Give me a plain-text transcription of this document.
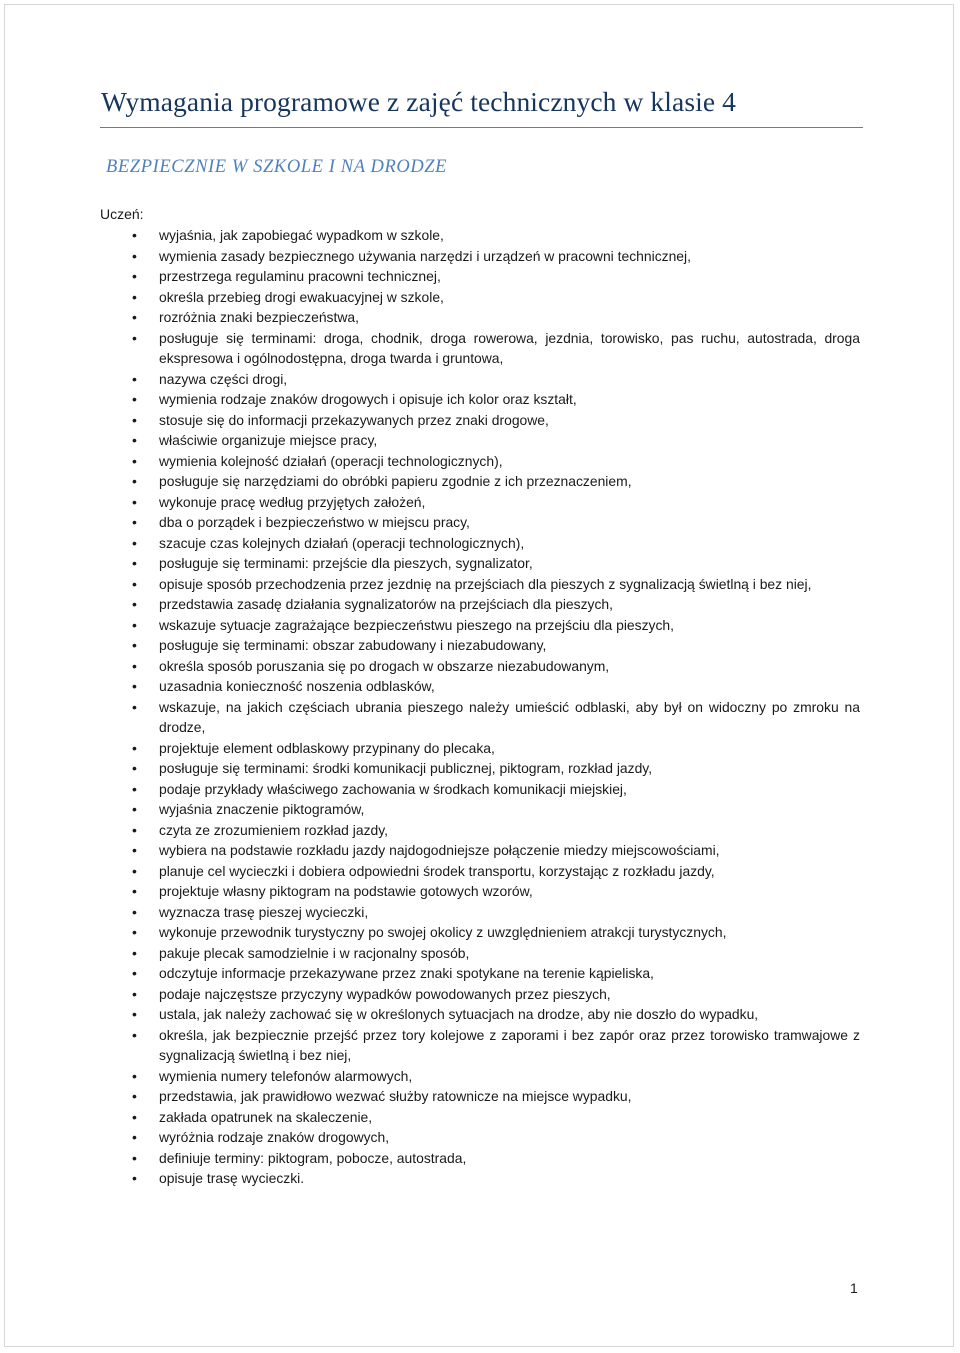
Wymagania programowe z zajęć technicznych w klasie 4
BEZPIECZNIE W SZKOLE I NA DRODZE

Uczeń:

• wyjaśnia, jak zapobiegać wypadkom w szkole,
• wymienia zasady bezpiecznego używania narzędzi i urządzeń w pracowni technicznej,
• przestrzega regulaminu pracowni technicznej,
• określa przebieg drogi ewakuacyjnej w szkole,
• rozróżnia znaki bezpieczeństwa,
• posługuje się terminami: droga, chodnik, droga rowerowa, jezdnia, torowisko, pas ruchu, autostrada, droga ekspresowa i ogólnodostępna, droga twarda i gruntowa,
• nazywa części drogi,
• wymienia rodzaje znaków drogowych i opisuje ich kolor oraz kształt,
• stosuje się do informacji przekazywanych przez znaki drogowe,
• właściwie organizuje miejsce pracy,
• wymienia kolejność działań (operacji technologicznych),
• posługuje się narzędziami do obróbki papieru zgodnie z ich przeznaczeniem,
• wykonuje pracę według przyjętych założeń,
• dba o porządek i bezpieczeństwo w miejscu pracy,
• szacuje czas kolejnych działań (operacji technologicznych),
• posługuje się terminami: przejście dla pieszych, sygnalizator,
• opisuje sposób przechodzenia przez jezdnię na przejściach dla pieszych z sygnalizacją świetlną i bez niej,
• przedstawia zasadę działania sygnalizatorów na przejściach dla pieszych,
• wskazuje sytuacje zagrażające bezpieczeństwu pieszego na przejściu dla pieszych,
• posługuje się terminami: obszar zabudowany i niezabudowany,
• określa sposób poruszania się po drogach w obszarze niezabudowanym,
• uzasadnia konieczność noszenia odblasków,
• wskazuje, na jakich częściach ubrania pieszego należy umieścić odblaski, aby był on widoczny po zmroku na drodze,
• projektuje element odblaskowy przypinany do plecaka,
• posługuje się terminami: środki komunikacji publicznej, piktogram, rozkład jazdy,
• podaje przykłady właściwego zachowania w środkach komunikacji miejskiej,
• wyjaśnia znaczenie piktogramów,
• czyta ze zrozumieniem rozkład jazdy,
• wybiera na podstawie rozkładu jazdy najdogodniejsze połączenie miedzy miejscowościami,
• planuje cel wycieczki i dobiera odpowiedni środek transportu, korzystając z rozkładu jazdy,
• projektuje własny piktogram na podstawie gotowych wzorów,
• wyznacza trasę pieszej wycieczki,
• wykonuje przewodnik turystyczny po swojej okolicy z uwzględnieniem atrakcji turystycznych,
• pakuje plecak samodzielnie i w racjonalny sposób,
• odczytuje informacje przekazywane przez znaki spotykane na terenie kąpieliska,
• podaje najczęstsze przyczyny wypadków powodowanych przez pieszych,
• ustala, jak należy zachować się w określonych sytuacjach na drodze, aby nie doszło do wypadku,
• określa, jak bezpiecznie przejść przez tory kolejowe z zaporami i bez zapór oraz przez torowisko tramwajowe z sygnalizacją świetlną i bez niej,
• wymienia numery telefonów alarmowych,
• przedstawia, jak prawidłowo wezwać służby ratownicze na miejsce wypadku,
• zakłada opatrunek na skaleczenie,
• wyróżnia rodzaje znaków drogowych,
• definiuje terminy: piktogram, pobocze, autostrada,
• opisuje trasę wycieczki.
1
